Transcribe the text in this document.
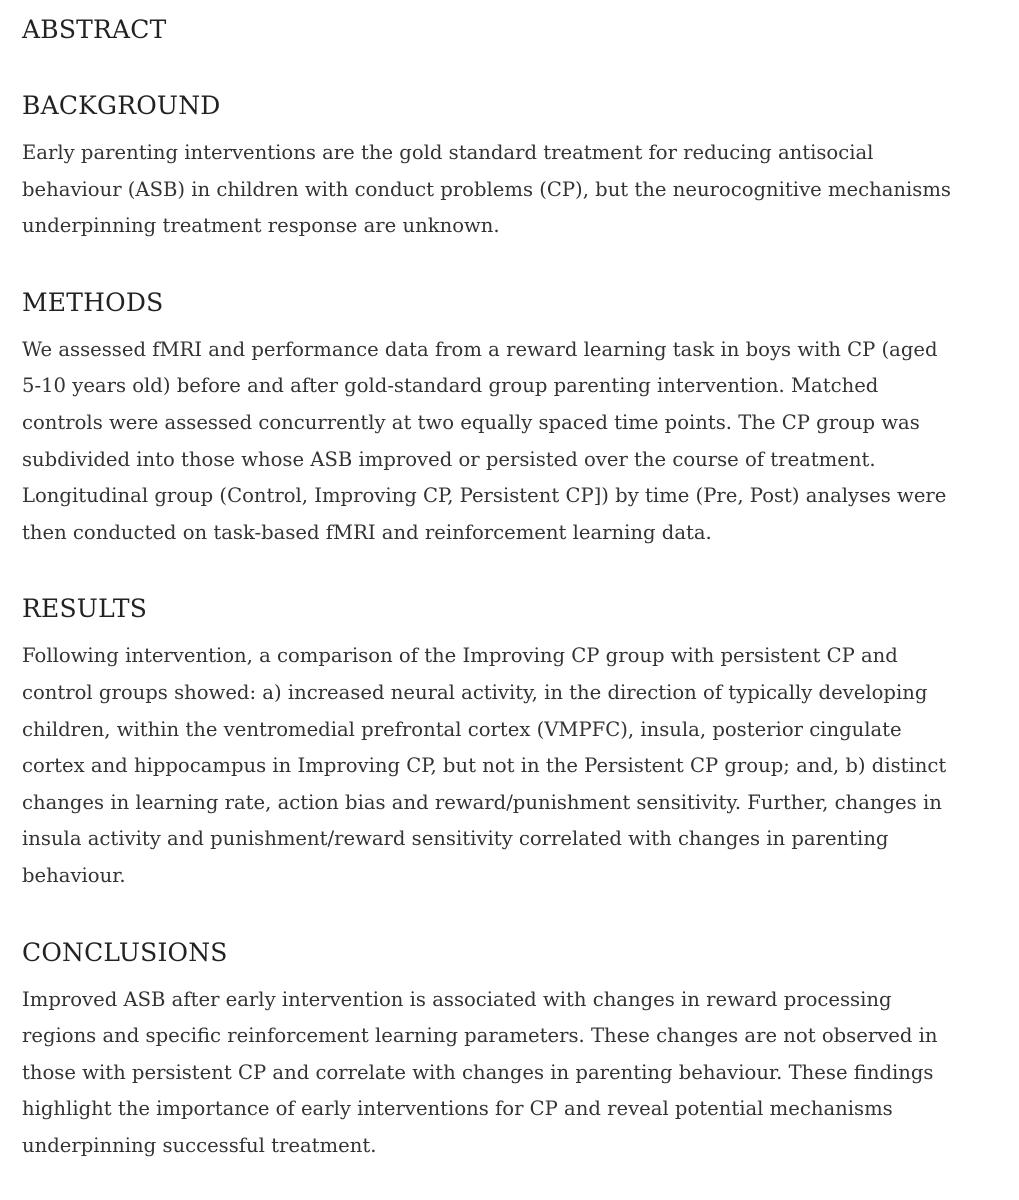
ABSTRACT
BACKGROUND

Early parenting interventions are the gold standard treatment for reducing antisocial behaviour (ASB) in children with conduct problems (CP), but the neurocognitive mechanisms underpinning treatment response are unknown.

METHODS

We assessed fMRI and performance data from a reward learning task in boys with CP (aged 5-10 years old) before and after gold-standard group parenting intervention. Matched controls were assessed concurrently at two equally spaced time points. The CP group was subdivided into those whose ASB improved or persisted over the course of treatment. Longitudinal group (Control, Improving CP, Persistent CP]) by time (Pre, Post) analyses were then conducted on task-based fMRI and reinforcement learning data.

RESULTS

Following intervention, a comparison of the Improving CP group with persistent CP and control groups showed: a) increased neural activity, in the direction of typically developing children, within the ventromedial prefrontal cortex (VMPFC), insula, posterior cingulate cortex and hippocampus in Improving CP, but not in the Persistent CP group; and, b) distinct changes in learning rate, action bias and reward/punishment sensitivity. Further, changes in insula activity and punishment/reward sensitivity correlated with changes in parenting behaviour.

CONCLUSIONS

Improved ASB after early intervention is associated with changes in reward processing regions and specific reinforcement learning parameters. These changes are not observed in those with persistent CP and correlate with changes in parenting behaviour. These findings highlight the importance of early interventions for CP and reveal potential mechanisms underpinning successful treatment.
